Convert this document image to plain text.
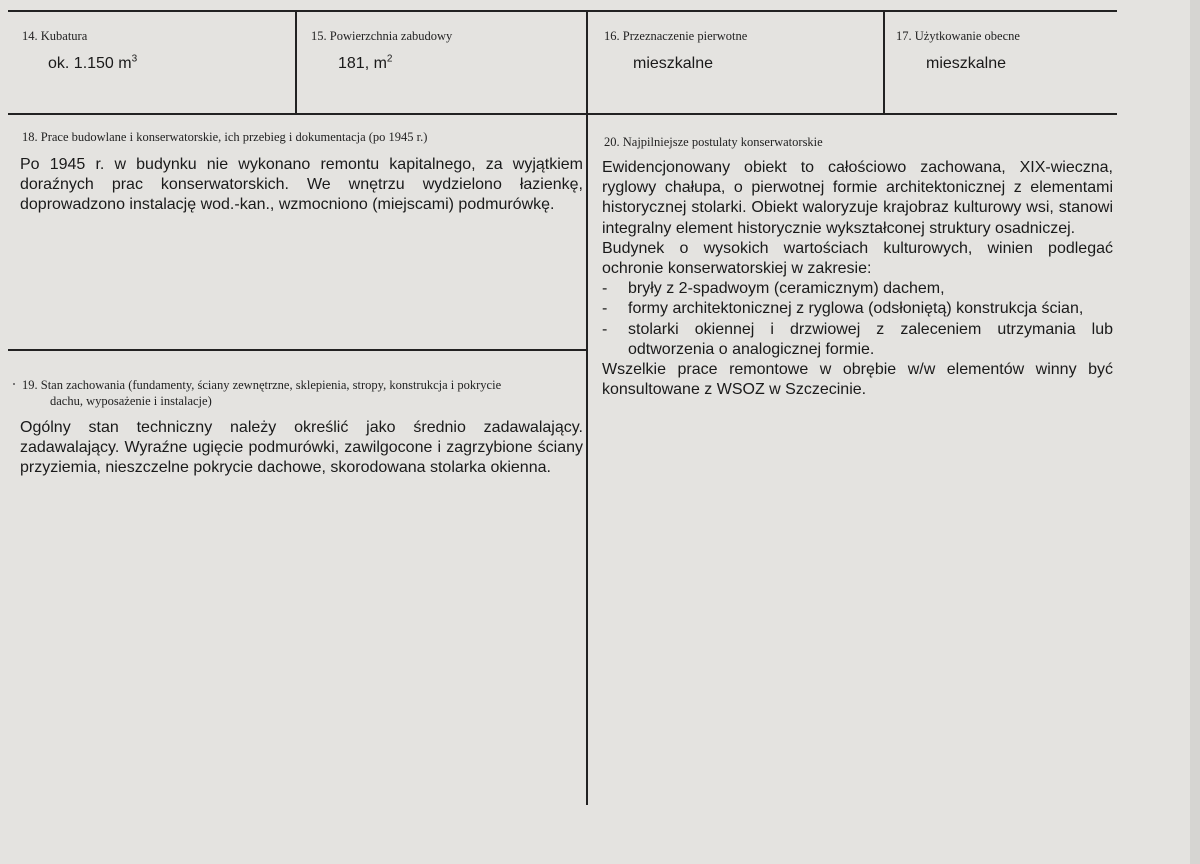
14. Kubatura
ok. 1.150 $m^3$
15. Powierzchnia zabudowy
181, $m^2$
16. Przeznaczenie pierwotne
mieszkalne
17. Użytkowanie obecne
mieszkalne
18. Prace budowlane i konserwatorskie, ich przebieg i dokumentacja (po 1945 r.)
Po 1945 r. w budynku nie wykonano remontu kapitalnego, za wyjątkiem doraźnych prac konserwatorskich. We wnętrzu wydzielono łazienkę, doprowadzono instalację wod.-kan., wzmocniono (miejscami) podmurówkę.
19. Stan zachowania (fundamenty, ściany zewnętrzne, sklepienia, stropy, konstrukcja i pokrycie
dachu, wyposażenie i instalacje)
Ogólny stan techniczny należy określić jako średnio zadawalający. zadawalający. Wyraźne ugięcie podmurówki, zawilgocone i zagrzybione ściany przyziemia, nieszczelne pokrycie dachowe, skorodowana stolarka okienna.
20. Najpilniejsze postulaty konserwatorskie

Ewidencjonowany obiekt to całościowo zachowana, XIX-wieczna, ryglowy chałupa, o pierwotnej formie architektonicznej z elementami historycznej stolarki. Obiekt waloryzuje krajobraz kulturowy wsi, stanowi integralny element historycznie wykształconej struktury osadniczej.

Budynek o wysokich wartościach kulturowych, winien podlegać ochronie konserwatorskiej w zakresie:

-	bryły z 2-spadwoym (ceramicznym) dachem,
-	formy architektonicznej z ryglowa (odsłoniętą) konstrukcja ścian,
-	stolarki okiennej i drzwiowej z zaleceniem utrzymania lub odtworzenia o analogicznej formie.

Wszelkie prace remontowe w obrębie w/w elementów winny być konsultowane z WSOZ w Szczecinie.
